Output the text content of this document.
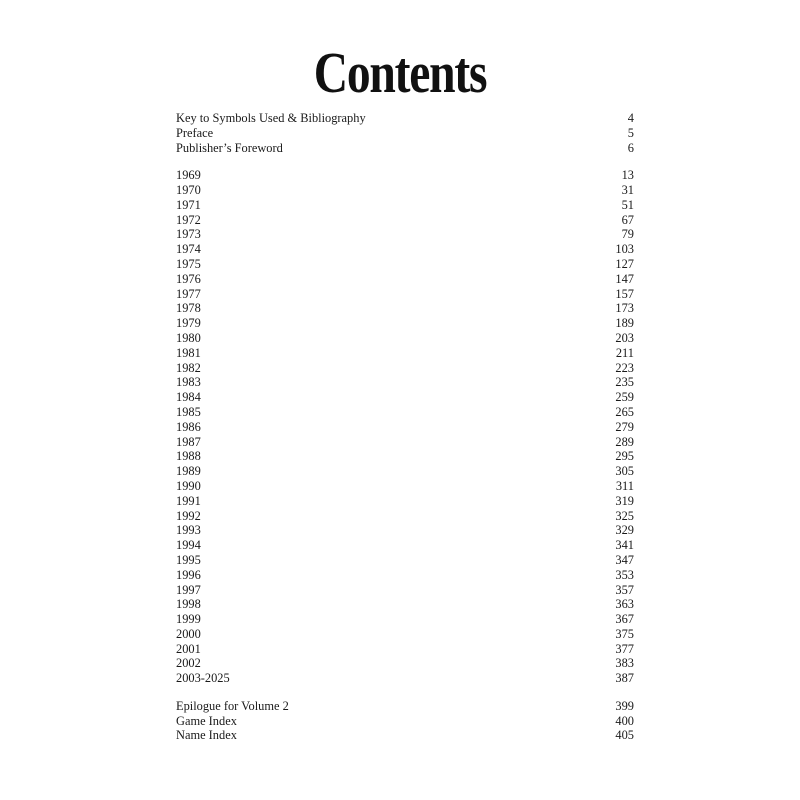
Contents
Key to Symbols Used & Bibliography	4
Preface	5
Publisher’s Foreword	6
1969	13
1970	31
1971	51
1972	67
1973	79
1974	103
1975	127
1976	147
1977	157
1978	173
1979	189
1980	203
1981	211
1982	223
1983	235
1984	259
1985	265
1986	279
1987	289
1988	295
1989	305
1990	311
1991	319
1992	325
1993	329
1994	341
1995	347
1996	353
1997	357
1998	363
1999	367
2000	375
2001	377
2002	383
2003-2025	387
Epilogue for Volume 2	399
Game Index	400
Name Index	405
